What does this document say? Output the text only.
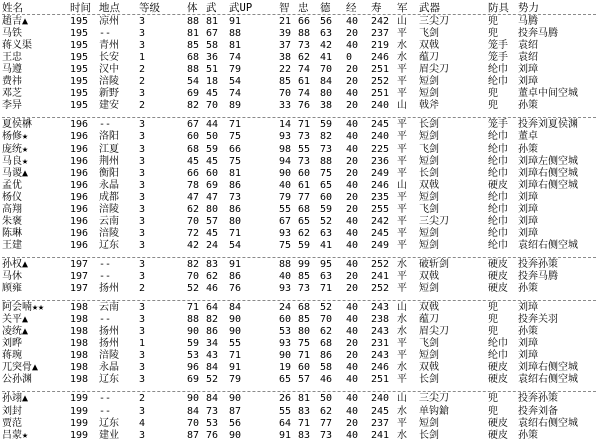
姓名	时间 地点 等级	体 武 武UP	智 忠 德 经 寿 军 武器	防具 势力
趙吉▲	195 凉州 3	88 81 91	21 66 56 40 242 山 三尖刀	兜 马腾
马铁	195 --	3	81 67 88	39 88 63 20 237 平 飞剑	兜 投奔马腾
蒋义渠	195 青州 3	85 58 81	37 73 42 40 219 水 双戟	笼手 袁绍
王忠	195 长安 1	68 36 74	38 62 41 0 246 水 蕴刀	笼手 袁绍
马遵	195 汉中 2	88 51 79	22 74 70 20 251 平 眉尖刀	纶巾 刘璋
费祎	195 涪陵 2	54 18 54	85 61 84 20 252 平 短剑	纶巾 刘璋
邓芝	195 新野 3	69 45 74	70 74 80 40 251 平 短剑	兜 董卓中间空城
李异	195 建安 2	82 70 89	33 76 38 20 240 山 戟斧	兜 孙策
夏侯楙	196 --	3	67 44 71	14 71 59 40 245 平 长剑	笼手 投奔刘夏侯渊
杨修★	196 洛阳 3	60 50 75	93 73 82 40 240 平 短剑	纶巾 董卓
庞统★	196 江夏 3	68 59 66	98 55 73 40 225 平 飞剑	纶巾 孙策
马良★	196 荆州 3	45 45 75	94 73 88 20 236 平 短剑	纶巾 刘璋左侧空城
马谡▲	196 衡阳 3	66 60 81	90 60 75 20 249 平 长剑	纶巾 刘璋右侧空城
孟优	196 永晶 3	78 69 86	40 61 65 40 246 山 双戟	硬皮 刘璋右侧空城
杨仪	196 成都 3	47 47 73	79 77 60 20 235 平 短剑	纶巾 刘璋
高翔	196 涪陵 3	62 80 86	55 68 59 20 255 平 飞剑	纶巾 刘璋
朱褒	196 云南 3	70 57 80	67 65 52 40 242 平 三尖刀	纶巾 刘璋
陈琳	196 涪陵 3	72 45 71	93 62 63 40 245 平 短剑	纶巾 刘璋
王建	196 辽东 3	42 24 54	75 59 41 40 249 平 短剑	纶巾 袁绍右侧空城
孙权▲	197 --	3	82 83 91	88 99 95 40 252 水 破斩剑	硬皮 投奔孙策
马休	197 --	3	70 62 86	40 85 63 20 241 平 双戟	硬皮 投奔马腾
顾雍	197 扬州 2	52 46 76	93 73 71 20 252 平 短剑	硬皮 孙策
阿会喃★★	198 云南 3	71 64 84	24 68 52 40 243 山 双戟	兜 刘璋
关平▲	198 --	3	88 82 90	60 85 70 40 238 水 蕴刀	兜 投奔关羽
凌统▲	198 扬州 3	90 86 90	53 80 62 40 243 水 眉尖刀	兜 孙策
刘晔	198 扬州 1	59 34 55	93 75 68 20 231 平 飞剑	纶巾 刘璋
蒋琬	198 涪陵 3	53 43 71	90 71 86 20 243 平 短剑	纶巾 刘璋
兀突骨▲	198 永晶 3	96 84 91	19 60 58 40 246 水 双戟	硬皮 刘璋右侧空城
公孙渊	198 辽东 3	69 52 79	65 57 46 40 251 平 长剑	硬皮 袁绍右侧空城
孙翊▲	199 --	2	90 84 90	26 81 50 40 240 山 三尖刀	兜 投奔孙策
刘封	199 --	3	84 73 87	55 83 62 40 245 水 单钩鎗	兜 投奔刘备
贾范	199 辽东 4	70 53 56	64 71 77 20 237 平 短剑	硬皮 袁绍右侧空城
吕蒙★	199 建业 3	87 76 90	91 83 73 40 241 水 长剑	硬皮 孙策
